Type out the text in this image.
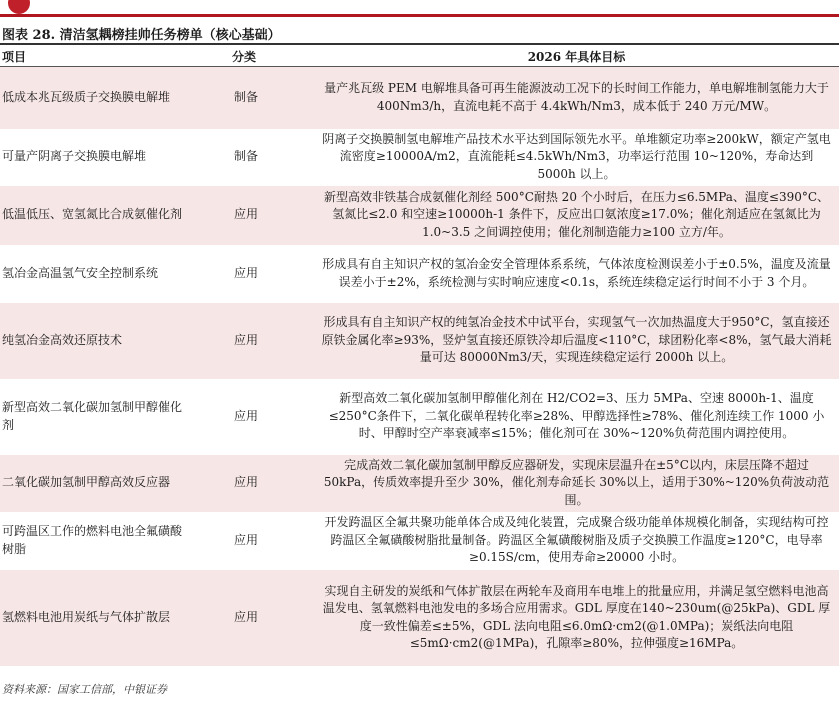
图表 28. 清洁氢耦榜挂帅任务榜单（核心基础）
项目	分类	2026 年具体目标
低成本兆瓦级质子交换膜电解堆	制备	量产兆瓦级 PEM 电解堆具备可再生能源波动工况下的长时间工作能力，单电解堆制氢能力大于 400Nm3/h，直流电耗不高于 4.4kWh/Nm3，成本低于 240 万元/MW。
可量产阴离子交换膜电解堆	制备	阴离子交换膜制氢电解堆产品技术水平达到国际领先水平。单堆额定功率≥200kW，额定产氢电流密度≥10000A/m2，直流能耗≤4.5kWh/Nm3，功率运行范围 10~120%，寿命达到 5000h 以上。
低温低压、宽氢氮比合成氨催化剂	应用	新型高效非铁基合成氨催化剂经 500°C耐热 20 个小时后，在压力≤6.5MPa、温度≤390°C、氢氮比≤2.0 和空速≥10000h-1 条件下，反应出口氨浓度≥17.0%；催化剂适应在氢氮比为 1.0~3.5 之间调控使用；催化剂制造能力≥100 立方/年。
氢冶金高温氢气安全控制系统	应用	形成具有自主知识产权的氢冶金安全管理体系系统，气体浓度检测误差小于±0.5%，温度及流量误差小于±2%，系统检测与实时响应速度<0.1s，系统连续稳定运行时间不小于 3 个月。
纯氢冶金高效还原技术	应用	形成具有自主知识产权的纯氢冶金技术中试平台，实现氢气一次加热温度大于950°C，氢直接还原铁金属化率≥93%，竖炉氢直接还原铁冷却后温度<110°C，球团粉化率<8%，氢气最大消耗量可达 80000Nm3/天，实现连续稳定运行 2000h 以上。
新型高效二氧化碳加氢制甲醇催化剂	应用	新型高效二氧化碳加氢制甲醇催化剂在 H2/CO2=3、压力 5MPa、空速 8000h-1、温度≤250°C条件下，二氧化碳单程转化率≥28%、甲醇选择性≥78%、催化剂连续工作 1000 小时、甲醇时空产率衰减率≤15%；催化剂可在 30%~120%负荷范围内调控使用。
二氧化碳加氢制甲醇高效反应器	应用	完成高效二氧化碳加氢制甲醇反应器研发，实现床层温升在±5°C以内，床层压降不超过 50kPa，传质效率提升至少 30%，催化剂寿命延长 30%以上，适用于30%~120%负荷波动范围。
可跨温区工作的燃料电池全氟磺酸树脂	应用	开发跨温区全氟共聚功能单体合成及纯化装置，完成聚合级功能单体规模化制备，实现结构可控跨温区全氟磺酸树脂批量制备。跨温区全氟磺酸树脂及质子交换膜工作温度≥120°C，电导率≥0.15S/cm，使用寿命≥20000 小时。
氢燃料电池用炭纸与气体扩散层	应用	实现自主研发的炭纸和气体扩散层在两轮车及商用车电堆上的批量应用，并满足氢空燃料电池高温发电、氢氧燃料电池发电的多场合应用需求。GDL 厚度在140~230um(@25kPa)、GDL 厚度一致性偏差≤±5%，GDL 法向电阻≤6.0mΩ·cm2(@1.0MPa)；炭纸法向电阻≤5mΩ·cm2(@1MPa)，孔隙率≥80%，拉伸强度≥16MPa。
资料来源：国家工信部，中银证券
